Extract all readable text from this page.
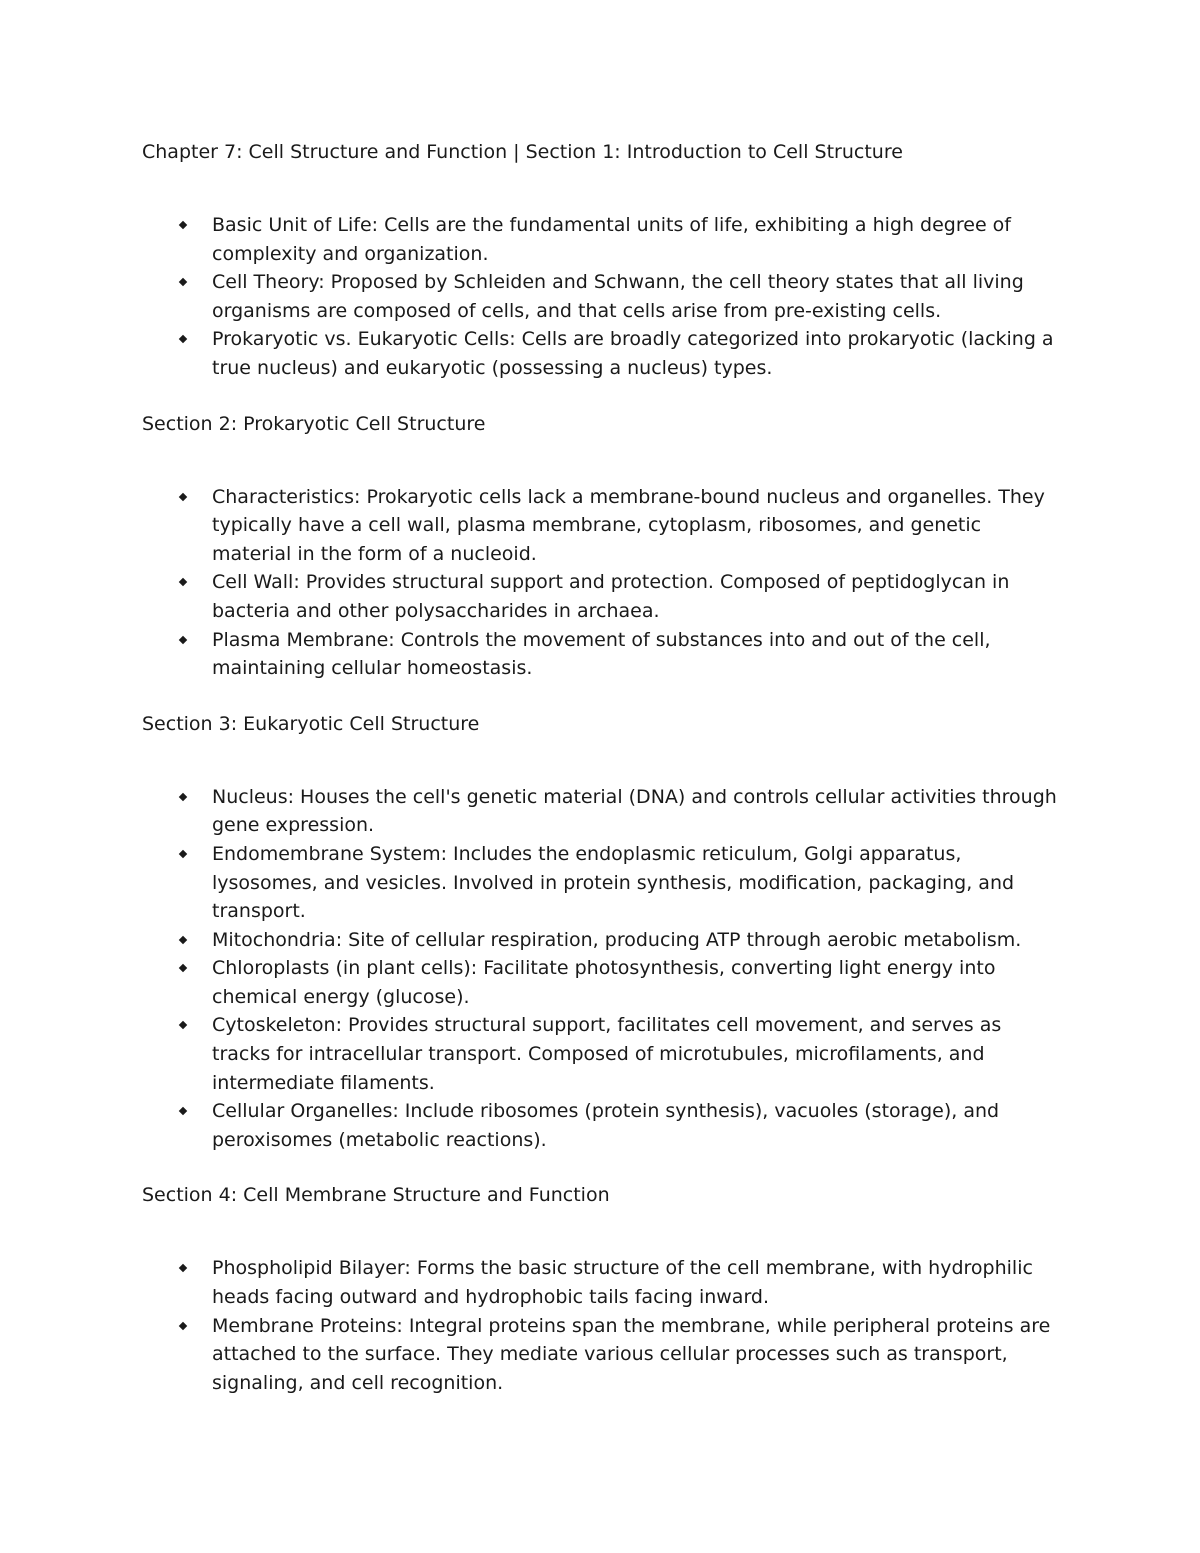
Chapter 7: Cell Structure and Function | Section 1: Introduction to Cell Structure

Basic Unit of Life: Cells are the fundamental units of life, exhibiting a high degree of complexity and organization.
Cell Theory: Proposed by Schleiden and Schwann, the cell theory states that all living organisms are composed of cells, and that cells arise from pre-existing cells.
Prokaryotic vs. Eukaryotic Cells: Cells are broadly categorized into prokaryotic (lacking a true nucleus) and eukaryotic (possessing a nucleus) types.

Section 2: Prokaryotic Cell Structure

Characteristics: Prokaryotic cells lack a membrane-bound nucleus and organelles. They typically have a cell wall, plasma membrane, cytoplasm, ribosomes, and genetic material in the form of a nucleoid.
Cell Wall: Provides structural support and protection. Composed of peptidoglycan in bacteria and other polysaccharides in archaea.
Plasma Membrane: Controls the movement of substances into and out of the cell, maintaining cellular homeostasis.

Section 3: Eukaryotic Cell Structure

Nucleus: Houses the cell's genetic material (DNA) and controls cellular activities through gene expression.
Endomembrane System: Includes the endoplasmic reticulum, Golgi apparatus, lysosomes, and vesicles. Involved in protein synthesis, modification, packaging, and transport.
Mitochondria: Site of cellular respiration, producing ATP through aerobic metabolism.
Chloroplasts (in plant cells): Facilitate photosynthesis, converting light energy into chemical energy (glucose).
Cytoskeleton: Provides structural support, facilitates cell movement, and serves as tracks for intracellular transport. Composed of microtubules, microfilaments, and intermediate filaments.
Cellular Organelles: Include ribosomes (protein synthesis), vacuoles (storage), and peroxisomes (metabolic reactions).

Section 4: Cell Membrane Structure and Function

Phospholipid Bilayer: Forms the basic structure of the cell membrane, with hydrophilic heads facing outward and hydrophobic tails facing inward.
Membrane Proteins: Integral proteins span the membrane, while peripheral proteins are attached to the surface. They mediate various cellular processes such as transport, signaling, and cell recognition.
